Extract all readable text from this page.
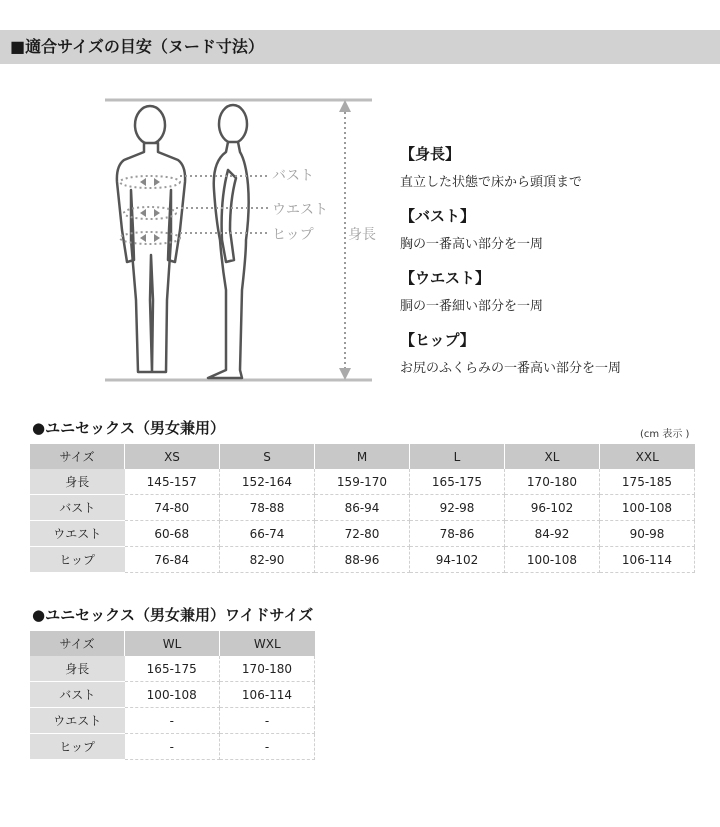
■適合サイズの目安（ヌード寸法）
バスト
ウエスト
ヒップ 身長
【身長】
直立した状態で床から頭頂まで
【バスト】
胸の一番高い部分を一周
【ウエスト】
胴の一番細い部分を一周
【ヒップ】
お尻のふくらみの一番高い部分を一周
●ユニセックス（男女兼用）	(cm 表示 )
サイズ	XS	S	M	L	XL	XXL
身長	145-157	152-164	159-170	165-175	170-180	175-185
バスト	74-80	78-88	86-94	92-98	96-102	100-108
ウエスト	60-68	66-74	72-80	78-86	84-92	90-98
ヒップ	76-84	82-90	88-96	94-102	100-108	106-114
●ユニセックス（男女兼用）ワイドサイズ
サイズ	WL	WXL
身長	165-175	170-180
バスト	100-108	106-114
ウエスト	-	-
ヒップ	-	-
